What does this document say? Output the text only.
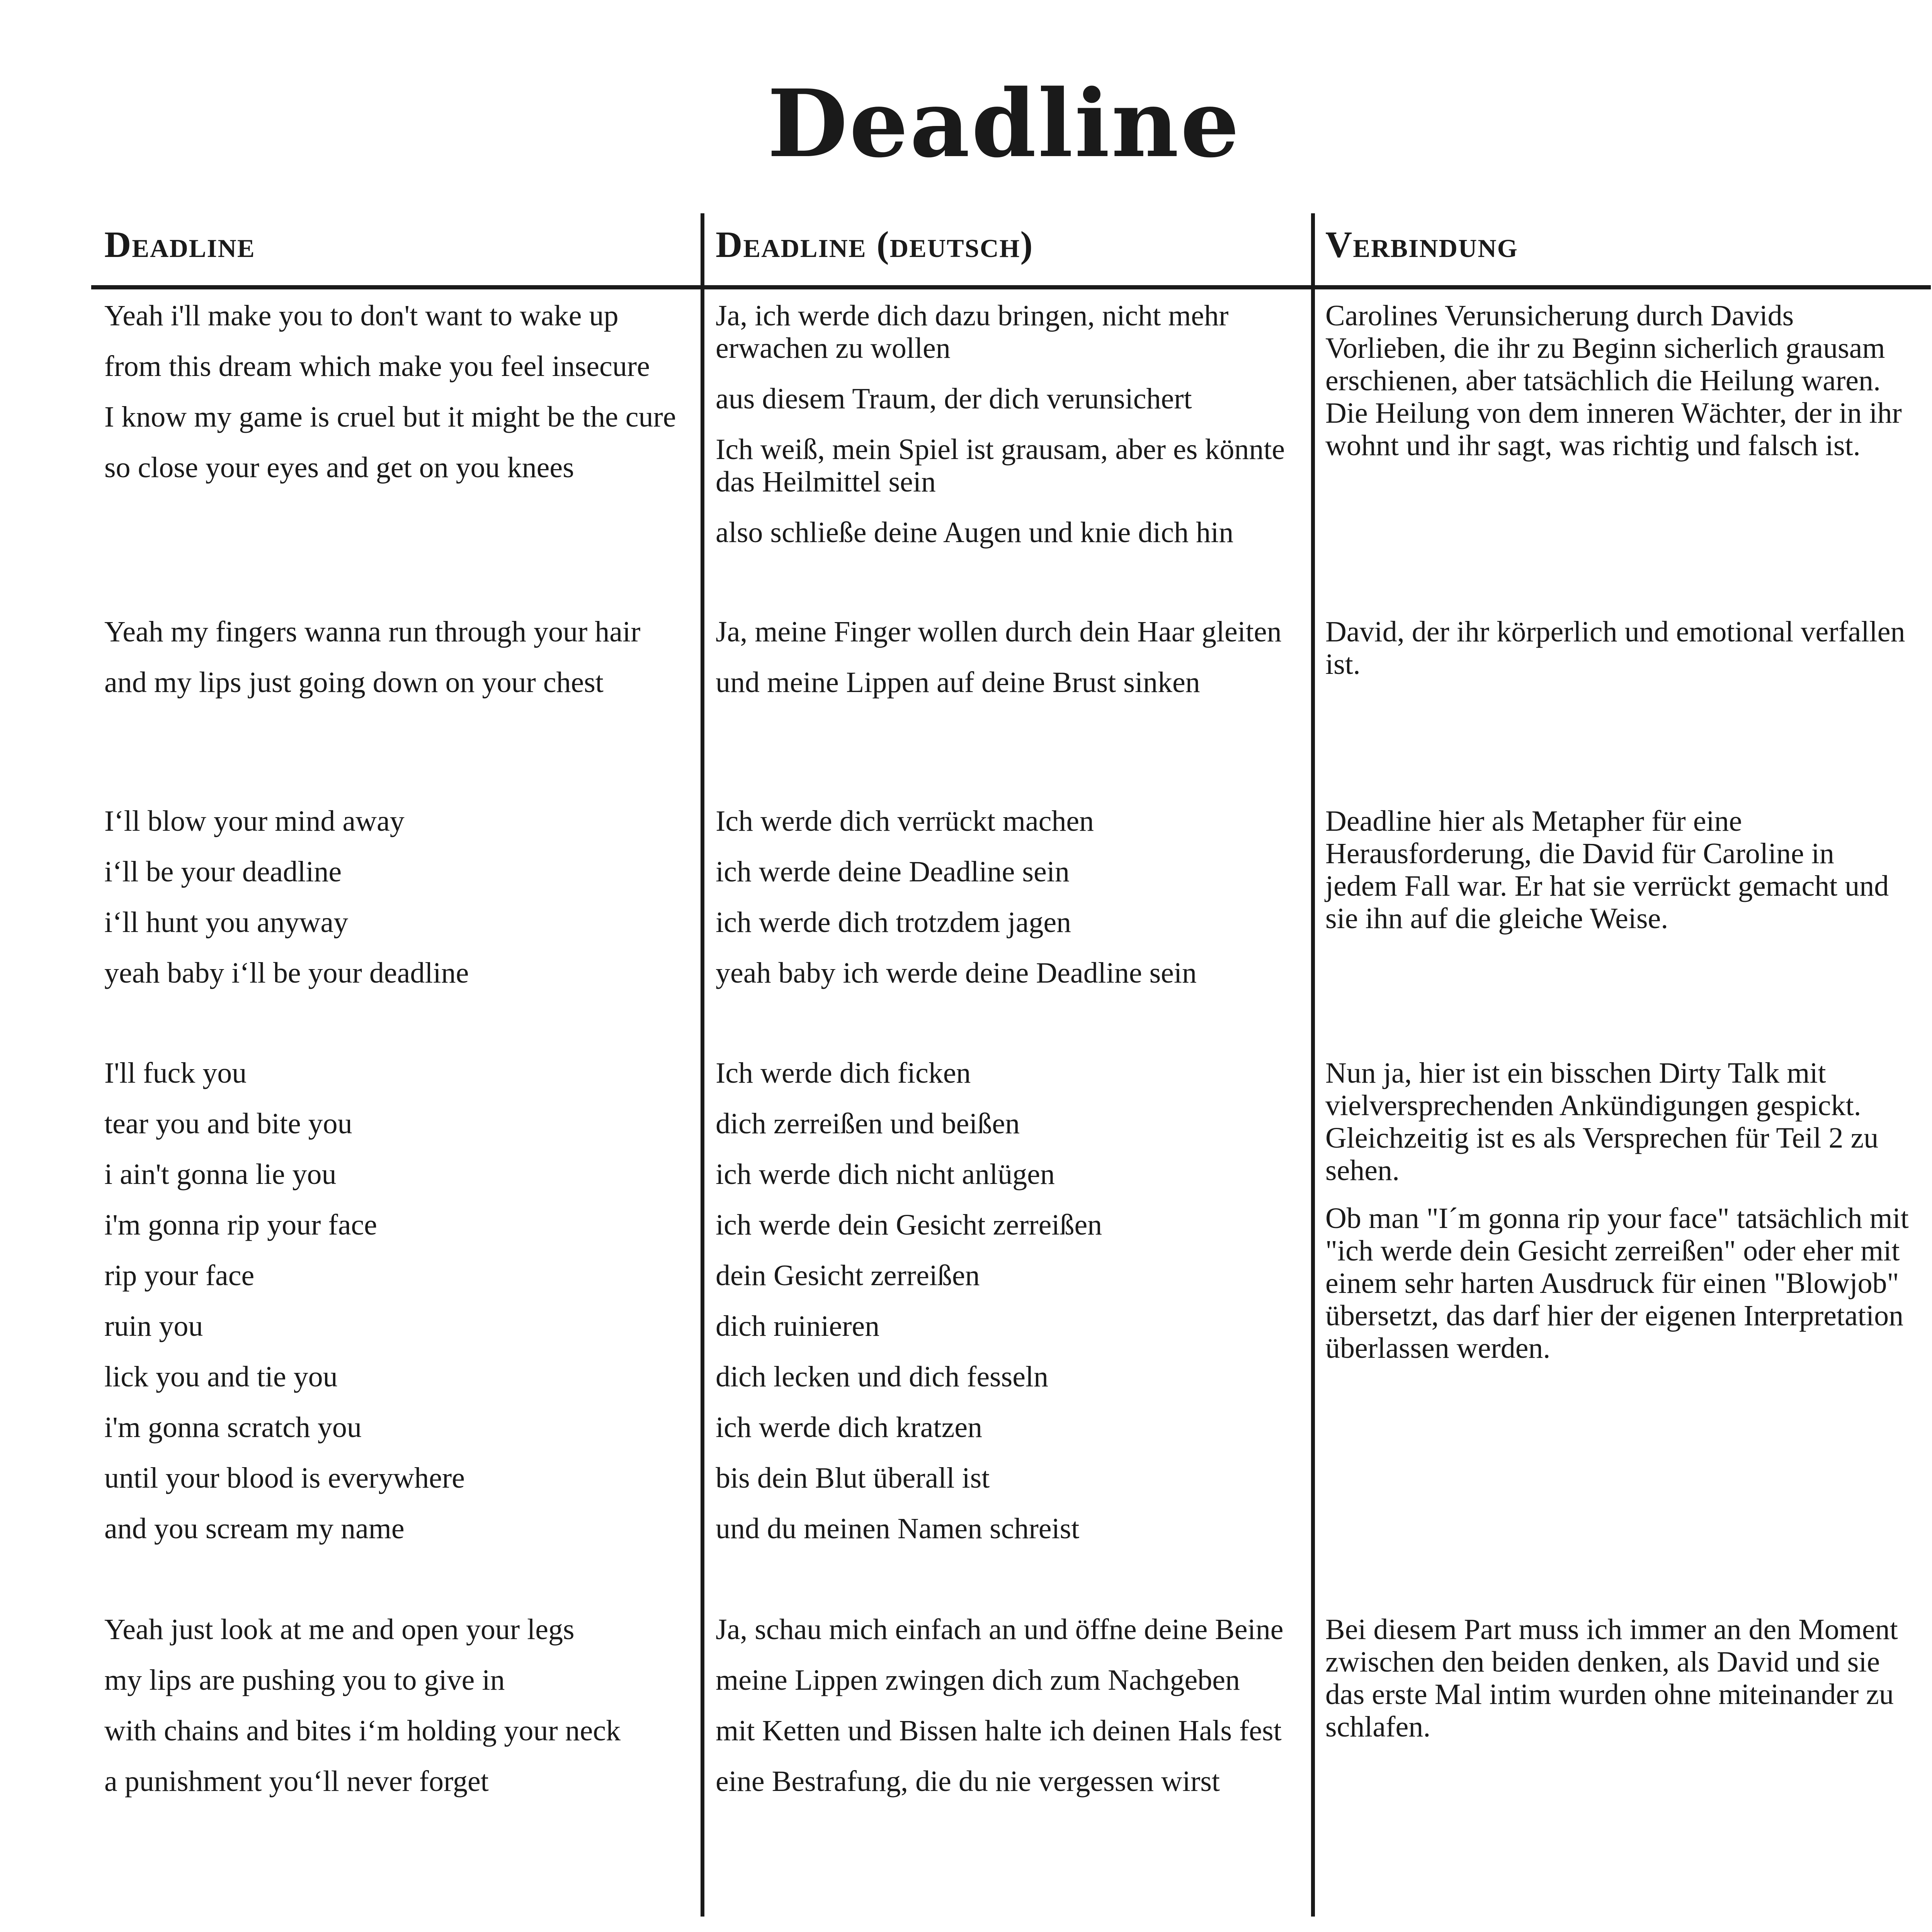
Deadline
Deadline	Deadline (deutsch)	Verbindung

Yeah i'll make you to don't want to wake up

from this dream which make you feel insecure

I know my game is cruel but it might be the cure

so close your eyes and get on you knees

Ja, ich werde dich dazu bringen, nicht mehr erwachen zu wollen

aus diesem Traum, der dich verunsichert

Ich weiß, mein Spiel ist grausam, aber es könnte das Heilmittel sein

also schließe deine Augen und knie dich hin

Carolines Verunsicherung durch Davids Vorlieben, die ihr zu Beginn sicherlich grausam erschienen, aber tatsächlich die Heilung waren. Die Heilung von dem inneren Wächter, der in ihr wohnt und ihr sagt, was richtig und falsch ist.

Yeah my fingers wanna run through your hair

and my lips just going down on your chest

Ja, meine Finger wollen durch dein Haar gleiten

und meine Lippen auf deine Brust sinken

David, der ihr körperlich und emotional verfallen ist.

I‘ll blow your mind away

i‘ll be your deadline

i‘ll hunt you anyway

yeah baby i‘ll be your deadline

Ich werde dich verrückt machen

ich werde deine Deadline sein

ich werde dich trotzdem jagen

yeah baby ich werde deine Deadline sein

Deadline hier als Metapher für eine Herausforderung, die David für Caroline in jedem Fall war. Er hat sie verrückt gemacht und sie ihn auf die gleiche Weise.

I'll fuck you

tear you and bite you

i ain't gonna lie you

i'm gonna rip your face

rip your face

ruin you

lick you and tie you

i'm gonna scratch you

until your blood is everywhere

and you scream my name

Ich werde dich ficken

dich zerreißen und beißen

ich werde dich nicht anlügen

ich werde dein Gesicht zerreißen

dein Gesicht zerreißen

dich ruinieren

dich lecken und dich fesseln

ich werde dich kratzen

bis dein Blut überall ist

und du meinen Namen schreist

Nun ja, hier ist ein bisschen Dirty Talk mit vielversprechenden Ankündigungen gespickt. Gleichzeitig ist es als Versprechen für Teil 2 zu sehen.

Ob man "I´m gonna rip your face" tatsächlich mit "ich werde dein Gesicht zerreißen" oder eher mit einem sehr harten Ausdruck für einen "Blowjob" übersetzt, das darf hier der eigenen Interpretation überlassen werden.

Yeah just look at me and open your legs

my lips are pushing you to give in

with chains and bites i‘m holding your neck

a punishment you‘ll never forget

Ja, schau mich einfach an und öffne deine Beine

meine Lippen zwingen dich zum Nachgeben

mit Ketten und Bissen halte ich deinen Hals fest

eine Bestrafung, die du nie vergessen wirst

Bei diesem Part muss ich immer an den Moment zwischen den beiden denken, als David und sie das erste Mal intim wurden ohne miteinander zu schlafen.
